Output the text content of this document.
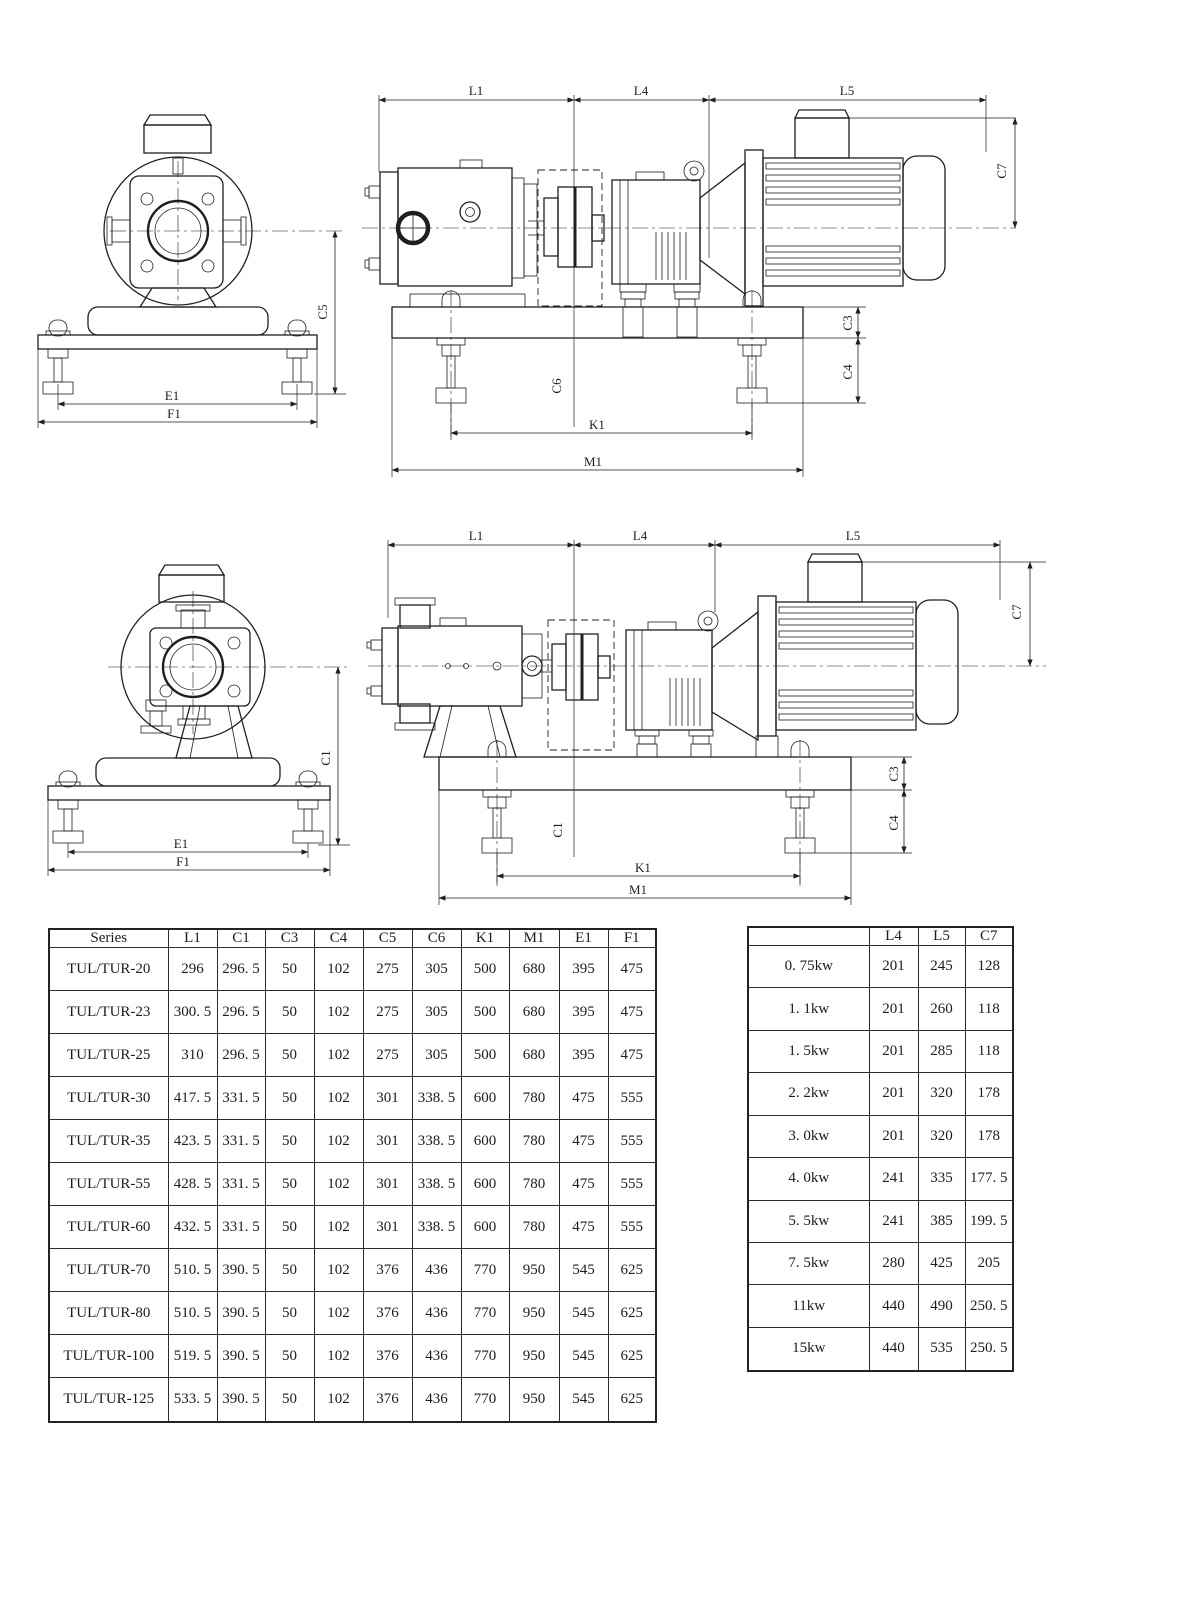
C5
E1
F1
L1	L4	L5
C7
C6
C3
C4
K1
M1
C1
E1
F1
L1	L4	L5
C7
C1
C3
C4
K1
M1
Series	L1	C1	C3	C4	C5	C6	K1	M1	E1	F1
TUL/TUR-20	296	296. 5	50	102	275	305	500	680	395	475
TUL/TUR-23	300. 5	296. 5	50	102	275	305	500	680	395	475
TUL/TUR-25	310	296. 5	50	102	275	305	500	680	395	475
TUL/TUR-30	417. 5	331. 5	50	102	301	338. 5	600	780	475	555
TUL/TUR-35	423. 5	331. 5	50	102	301	338. 5	600	780	475	555
TUL/TUR-55	428. 5	331. 5	50	102	301	338. 5	600	780	475	555
TUL/TUR-60	432. 5	331. 5	50	102	301	338. 5	600	780	475	555
TUL/TUR-70	510. 5	390. 5	50	102	376	436	770	950	545	625
TUL/TUR-80	510. 5	390. 5	50	102	376	436	770	950	545	625
TUL/TUR-100	519. 5	390. 5	50	102	376	436	770	950	545	625
TUL/TUR-125	533. 5	390. 5	50	102	376	436	770	950	545	625
	L4	L5	C7
0. 75kw	201	245	128
1. 1kw	201	260	118
1. 5kw	201	285	118
2. 2kw	201	320	178
3. 0kw	201	320	178
4. 0kw	241	335	177. 5
5. 5kw	241	385	199. 5
7. 5kw	280	425	205
11kw	440	490	250. 5
15kw	440	535	250. 5
